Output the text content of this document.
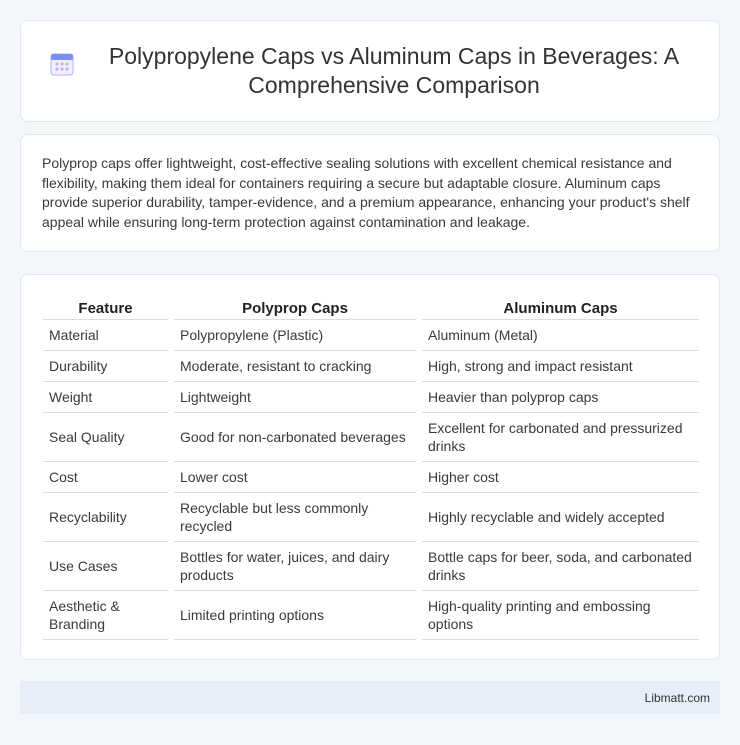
Polypropylene Caps vs Aluminum Caps in Beverages: A Comprehensive Comparison

Polyprop caps offer lightweight, cost-effective sealing solutions with excellent chemical resistance and flexibility, making them ideal for containers requiring a secure but adaptable closure. Aluminum caps provide superior durability, tamper-evidence, and a premium appearance, enhancing your product's shelf appeal while ensuring long-term protection against contamination and leakage.

Feature	Polyprop Caps	Aluminum Caps
Material	Polypropylene (Plastic)	Aluminum (Metal)
Durability	Moderate, resistant to cracking	High, strong and impact resistant
Weight	Lightweight	Heavier than polyprop caps
Seal Quality	Good for non-carbonated beverages	Excellent for carbonated and pressurized drinks
Cost	Lower cost	Higher cost
Recyclability	Recyclable but less commonly recycled	Highly recyclable and widely accepted
Use Cases	Bottles for water, juices, and dairy products	Bottle caps for beer, soda, and carbonated drinks
Aesthetic & Branding	Limited printing options	High-quality printing and embossing options
Libmatt.com
